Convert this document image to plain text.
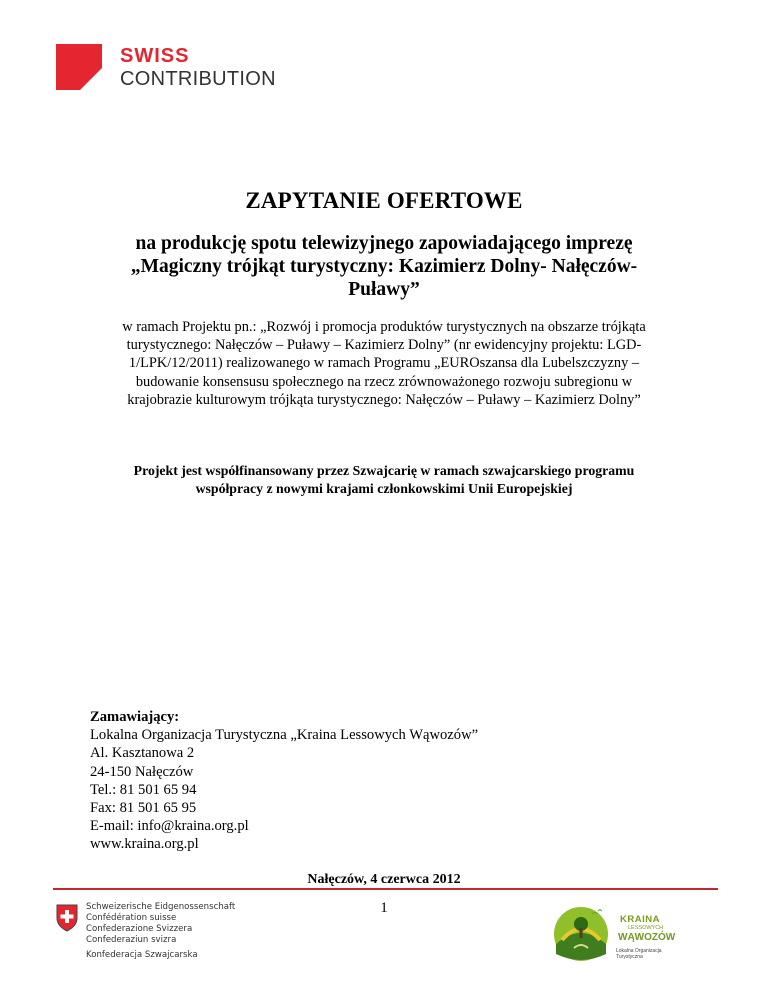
SWISS
CONTRIBUTION
ZAPYTANIE OFERTOWE
na produkcję spotu telewizyjnego zapowiadającego imprezę
„Magiczny trójkąt turystyczny: Kazimierz Dolny- Nałęczów-
Puławy”
w ramach Projektu pn.: „Rozwój i promocja produktów turystycznych na obszarze trójkąta
turystycznego: Nałęczów – Puławy – Kazimierz Dolny” (nr ewidencyjny projektu: LGD-
1/LPK/12/2011) realizowanego w ramach Programu „EUROszansa dla Lubelszczyzny –
budowanie konsensusu społecznego na rzecz zrównoważonego rozwoju subregionu w
krajobrazie kulturowym trójkąta turystycznego: Nałęczów – Puławy – Kazimierz Dolny”
Projekt jest współfinansowany przez Szwajcarię w ramach szwajcarskiego programu
współpracy z nowymi krajami członkowskimi Unii Europejskiej
Zamawiający:
Lokalna Organizacja Turystyczna „Kraina Lessowych Wąwozów”
Al. Kasztanowa 2
24-150 Nałęczów
Tel.: 81 501 65 94
Fax: 81 501 65 95
E-mail: info@kraina.org.pl
www.kraina.org.pl
Nałęczów, 4 czerwca 2012
1
Schweizerische Eidgenossenschaft
Confédération suisse
Confederazione Svizzera
Confederaziun svizra
Konfederacja Szwajcarska
KRAINA
LESSOWYCH
WĄWOZÓW
Lokalna Organizacja Turystyczna
